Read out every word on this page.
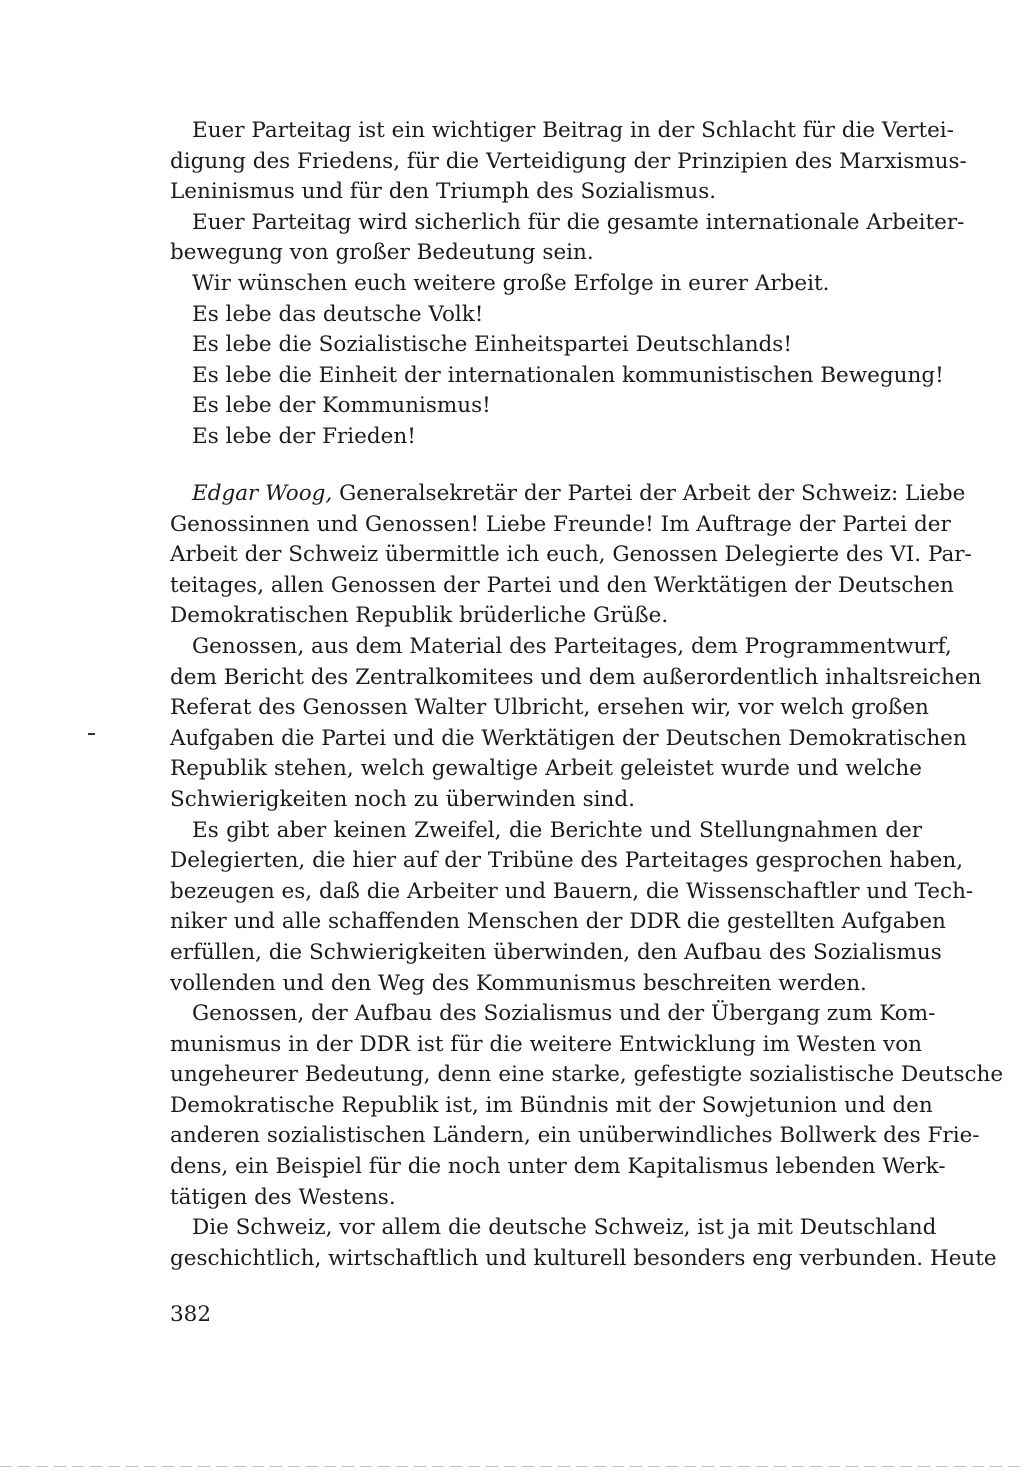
Euer Parteitag ist ein wichtiger Beitrag in der Schlacht für die Vertei-
digung des Friedens, für die Verteidigung der Prinzipien des Marxismus-
Leninismus und für den Triumph des Sozialismus.
Euer Parteitag wird sicherlich für die gesamte internationale Arbeiter-
bewegung von großer Bedeutung sein.
Wir wünschen euch weitere große Erfolge in eurer Arbeit.
Es lebe das deutsche Volk!
Es lebe die Sozialistische Einheitspartei Deutschlands!
Es lebe die Einheit der internationalen kommunistischen Bewegung!
Es lebe der Kommunismus!
Es lebe der Frieden!
Edgar Woog, Generalsekretär der Partei der Arbeit der Schweiz: Liebe
Genossinnen und Genossen! Liebe Freunde! Im Auftrage der Partei der
Arbeit der Schweiz übermittle ich euch, Genossen Delegierte des VI. Par-
teitages, allen Genossen der Partei und den Werktätigen der Deutschen
Demokratischen Republik brüderliche Grüße.
Genossen, aus dem Material des Parteitages, dem Programmentwurf,
dem Bericht des Zentralkomitees und dem außerordentlich inhaltsreichen
Referat des Genossen Walter Ulbricht, ersehen wir, vor welch großen
Aufgaben die Partei und die Werktätigen der Deutschen Demokratischen
Republik stehen, welch gewaltige Arbeit geleistet wurde und welche
Schwierigkeiten noch zu überwinden sind.
Es gibt aber keinen Zweifel, die Berichte und Stellungnahmen der
Delegierten, die hier auf der Tribüne des Parteitages gesprochen haben,
bezeugen es, daß die Arbeiter und Bauern, die Wissenschaftler und Tech-
niker und alle schaffenden Menschen der DDR die gestellten Aufgaben
erfüllen, die Schwierigkeiten überwinden, den Aufbau des Sozialismus
vollenden und den Weg des Kommunismus beschreiten werden.
Genossen, der Aufbau des Sozialismus und der Übergang zum Kom-
munismus in der DDR ist für die weitere Entwicklung im Westen von
ungeheurer Bedeutung, denn eine starke, gefestigte sozialistische Deutsche
Demokratische Republik ist, im Bündnis mit der Sowjetunion und den
anderen sozialistischen Ländern, ein unüberwindliches Bollwerk des Frie-
dens, ein Beispiel für die noch unter dem Kapitalismus lebenden Werk-
tätigen des Westens.
Die Schweiz, vor allem die deutsche Schweiz, ist ja mit Deutschland
geschichtlich, wirtschaftlich und kulturell besonders eng verbunden. Heute
382
